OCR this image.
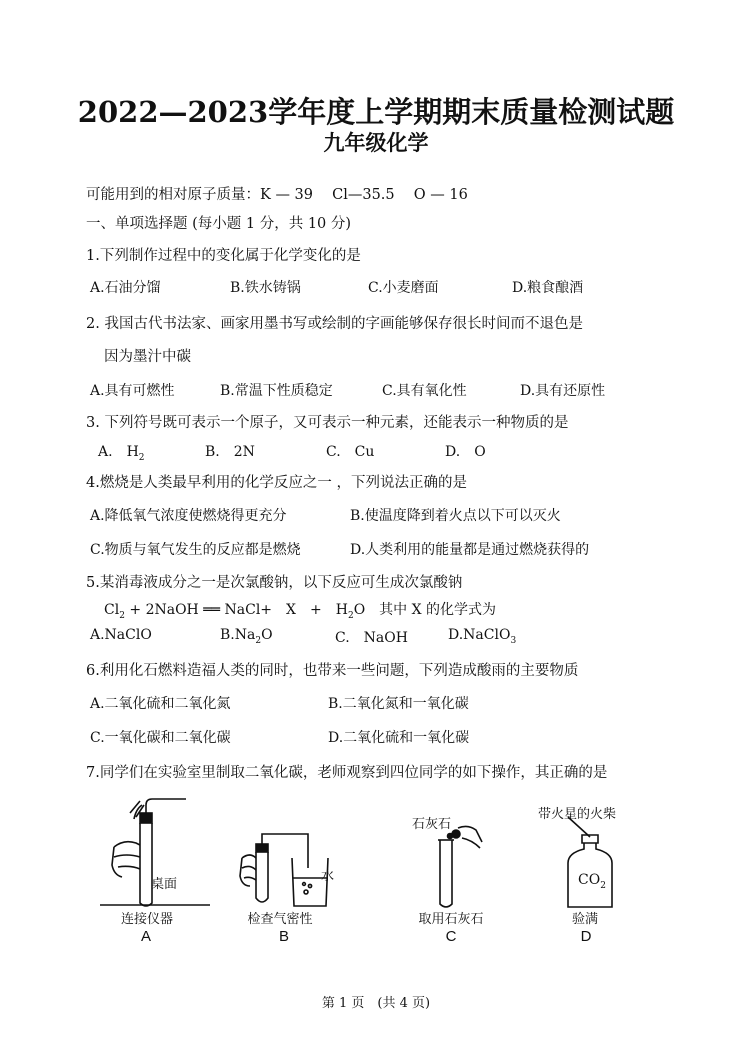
2022—2023学年度上学期期末质量检测试题
九年级化学
可能用到的相对原子质量：K — 39　 Cl—35.5　 O — 16
一、单项选择题 (每小题 1 分，共 10 分)
1.下列制作过程中的变化属于化学变化的是
A.石油分馏	B.铁水铸锅	C.小麦磨面	D.粮食酿酒
2. 我国古代书法家、画家用墨书写或绘制的字画能够保存很长时间而不退色是
因为墨汁中碳
A.具有可燃性	B.常温下性质稳定	C.具有氧化性	D.具有还原性
3. 下列符号既可表示一个原子，又可表示一种元素，还能表示一种物质的是
A.　 $H_2$	B.　 2N	C.　 Cu	D.　 O
4.燃烧是人类最早利用的化学反应之一 ，下列说法正确的是
A.降低氧气浓度使燃烧得更充分	B.使温度降到着火点以下可以灭火
C.物质与氧气发生的反应都是燃烧	D.人类利用的能量都是通过燃烧获得的
5.某消毒液成分之一是次氯酸钠，以下反应可生成次氯酸钠
$Cl_2$ + 2NaOH ══ NaCl+　X　+　$H_2O$　其中 X 的化学式为
A.NaClO	$B.Na_2O$	C.　NaOH	D.NaClO$_3$
6.利用化石燃料造福人类的同时，也带来一些问题，下列造成酸雨的主要物质
A.二氧化硫和二氧化氮	B.二氧化氮和一氧化碳
C.一氧化碳和二氧化碳	D.二氧化硫和一氧化碳
7.同学们在实验室里制取二氧化碳，老师观察到四位同学的如下操作，其正确的是
桌面
连接仪器
A
水
检查气密性
B
石灰石
取用石灰石
C
带火星的火柴
$CO_2$
验满
D
第 1 页　(共 4 页)
